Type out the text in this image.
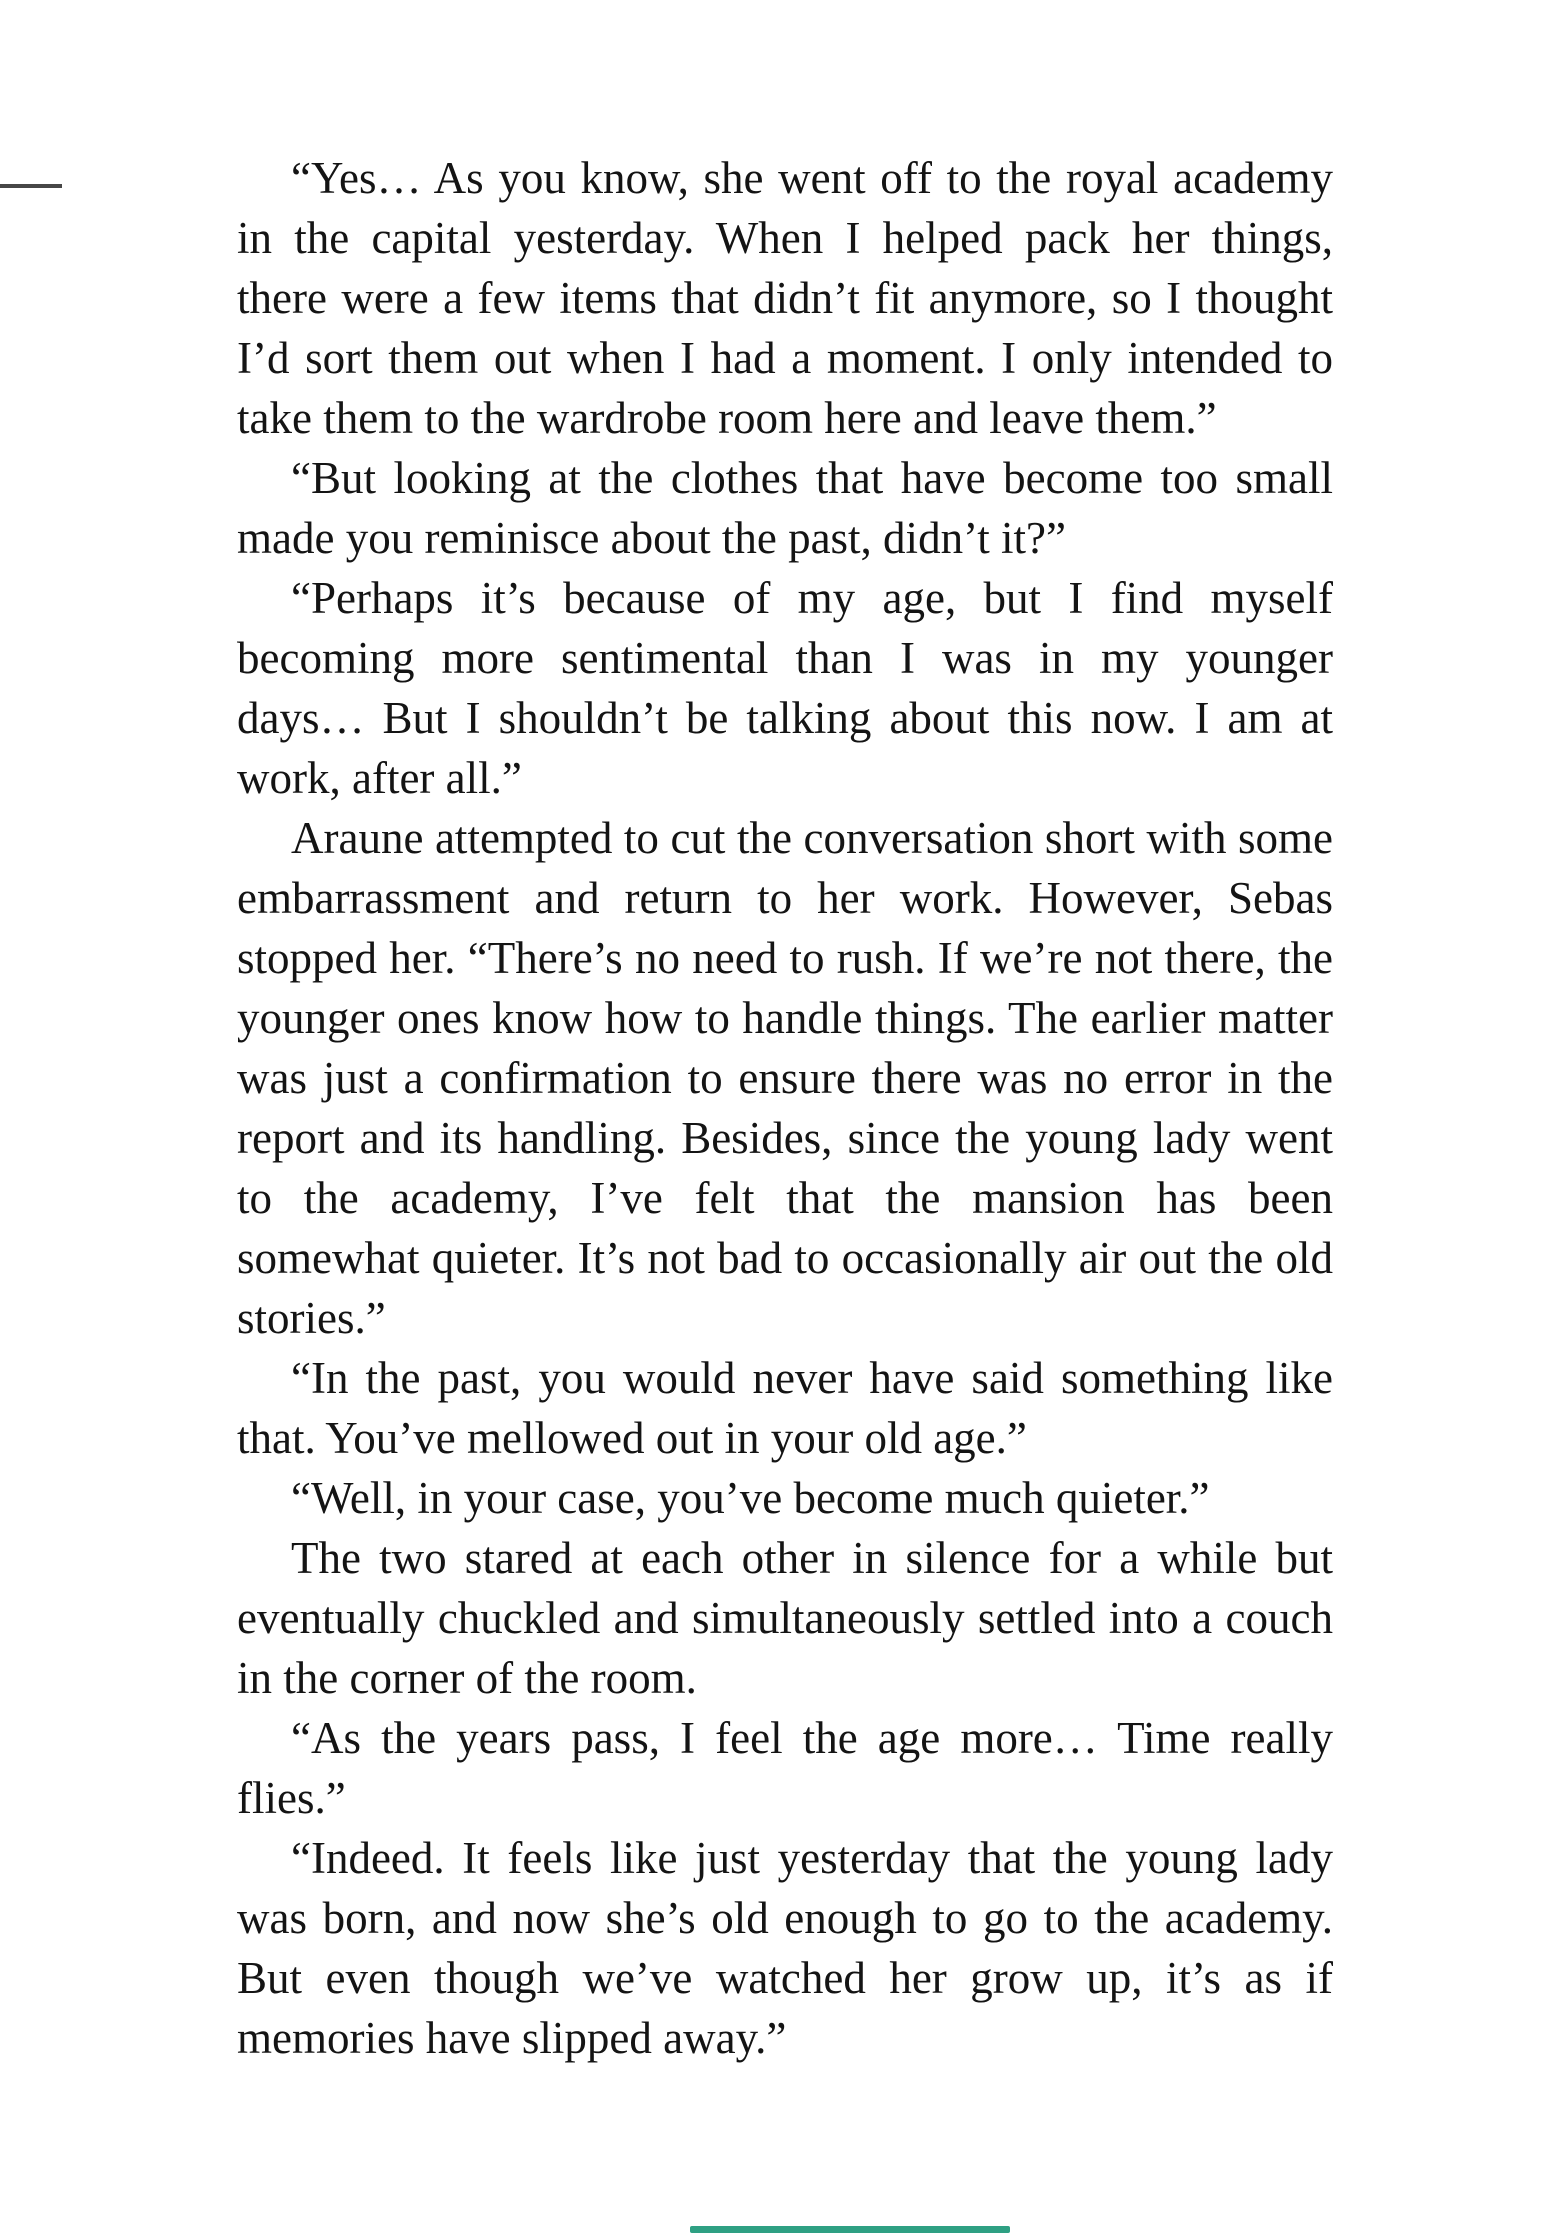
“Yes… As you know, she went off to the royal academy in the capital yesterday. When I helped pack her things, there were a few items that didn’t fit anymore, so I thought I’d sort them out when I had a moment. I only intended to take them to the wardrobe room here and leave them.”

“But looking at the clothes that have become too small made you reminisce about the past, didn’t it?”

“Perhaps it’s because of my age, but I find myself becoming more sentimental than I was in my younger days… But I shouldn’t be talking about this now. I am at work, after all.”

Araune attempted to cut the conversation short with some embarrassment and return to her work. However, Sebas stopped her. “There’s no need to rush. If we’re not there, the younger ones know how to handle things. The earlier matter was just a confirmation to ensure there was no error in the report and its handling. Besides, since the young lady went to the academy, I’ve felt that the mansion has been somewhat quieter. It’s not bad to occasionally air out the old stories.”

“In the past, you would never have said something like that. You’ve mellowed out in your old age.”

“Well, in your case, you’ve become much quieter.”

The two stared at each other in silence for a while but eventually chuckled and simultaneously settled into a couch in the corner of the room.

“As the years pass, I feel the age more… Time really flies.”

“Indeed. It feels like just yesterday that the young lady was born, and now she’s old enough to go to the academy. But even though we’ve watched her grow up, it’s as if memories have slipped away.”
